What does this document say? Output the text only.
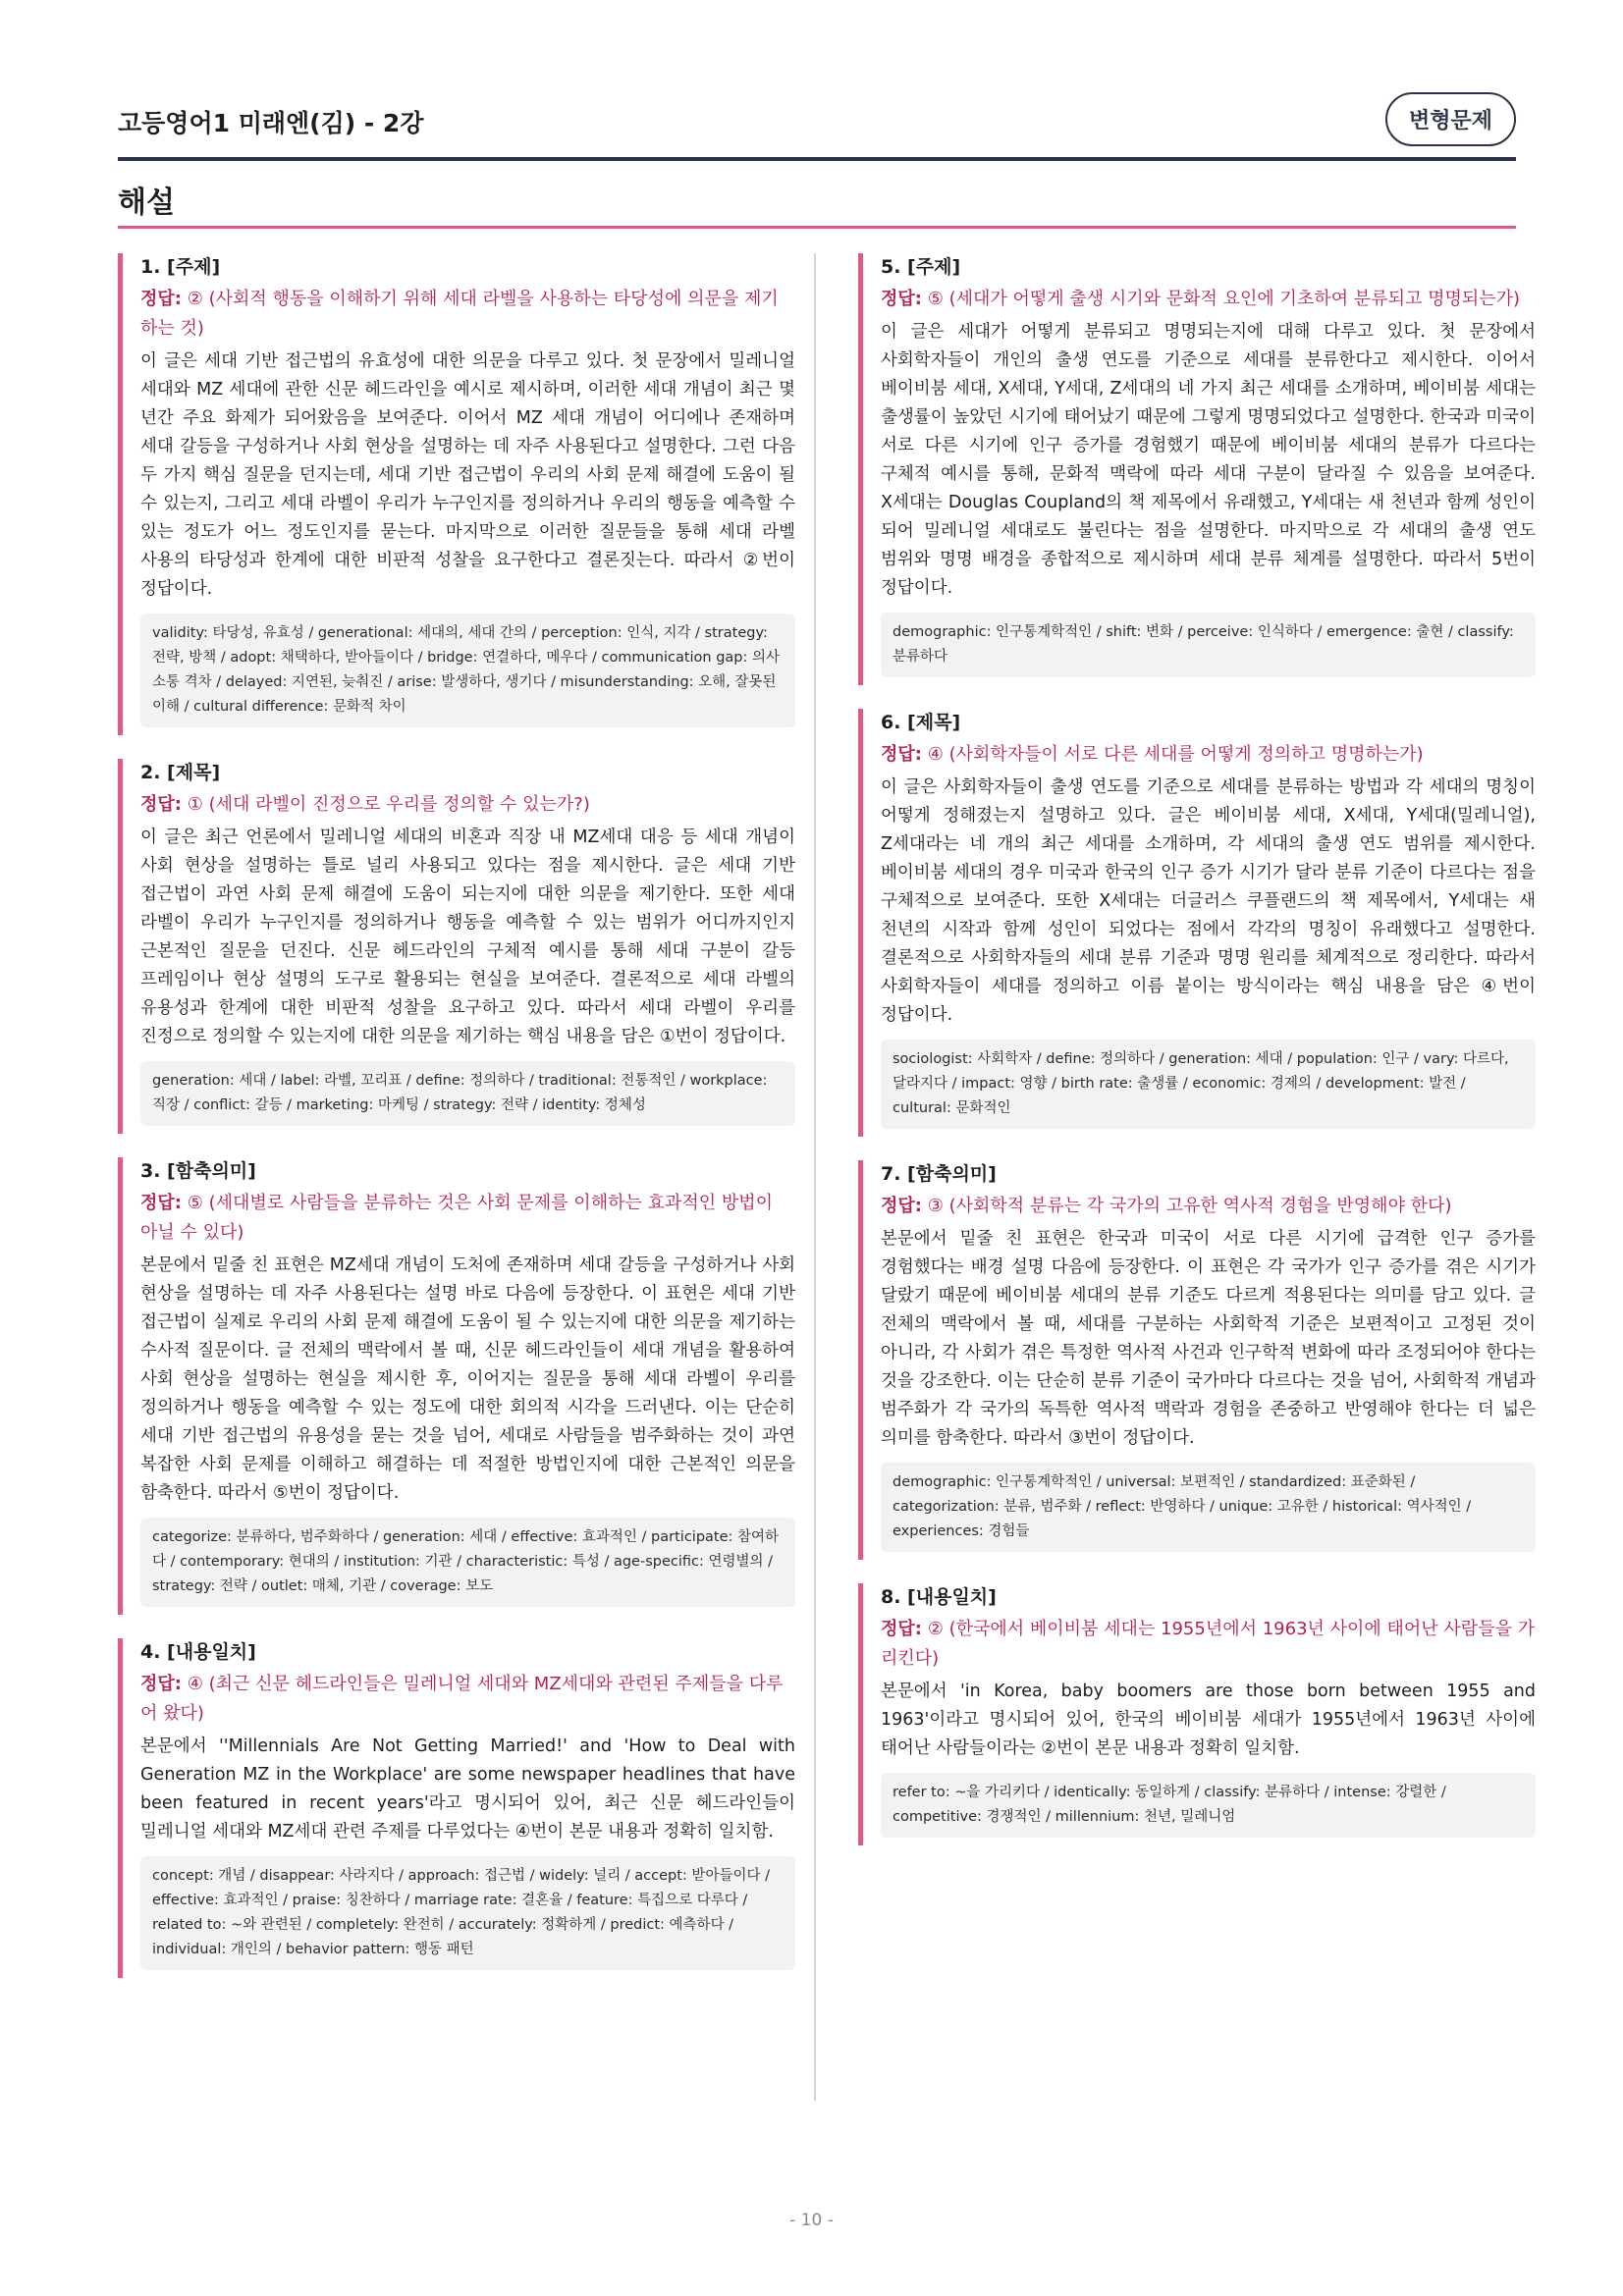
고등영어1 미래엔(김) - 2강	변형문제
해설
1. [주제]
정답: ② (사회적 행동을 이해하기 위해 세대 라벨을 사용하는 타당성에 의문을 제기하는 것)
이 글은 세대 기반 접근법의 유효성에 대한 의문을 다루고 있다. 첫 문장에서 밀레니얼 세대와 MZ 세대에 관한 신문 헤드라인을 예시로 제시하며, 이러한 세대 개념이 최근 몇 년간 주요 화제가 되어왔음을 보여준다. 이어서 MZ 세대 개념이 어디에나 존재하며 세대 갈등을 구성하거나 사회 현상을 설명하는 데 자주 사용된다고 설명한다. 그런 다음 두 가지 핵심 질문을 던지는데, 세대 기반 접근법이 우리의 사회 문제 해결에 도움이 될 수 있는지, 그리고 세대 라벨이 우리가 누구인지를 정의하거나 우리의 행동을 예측할 수 있는 정도가 어느 정도인지를 묻는다. 마지막으로 이러한 질문들을 통해 세대 라벨 사용의 타당성과 한계에 대한 비판적 성찰을 요구한다고 결론짓는다. 따라서 ②번이 정답이다.
validity: 타당성, 유효성 / generational: 세대의, 세대 간의 / perception: 인식, 지각 / strategy: 전략, 방책 / adopt: 채택하다, 받아들이다 / bridge: 연결하다, 메우다 / communication gap: 의사소통 격차 / delayed: 지연된, 늦춰진 / arise: 발생하다, 생기다 / misunderstanding: 오해, 잘못된 이해 / cultural difference: 문화적 차이
2. [제목]
정답: ① (세대 라벨이 진정으로 우리를 정의할 수 있는가?)
이 글은 최근 언론에서 밀레니얼 세대의 비혼과 직장 내 MZ세대 대응 등 세대 개념이 사회 현상을 설명하는 틀로 널리 사용되고 있다는 점을 제시한다. 글은 세대 기반 접근법이 과연 사회 문제 해결에 도움이 되는지에 대한 의문을 제기한다. 또한 세대 라벨이 우리가 누구인지를 정의하거나 행동을 예측할 수 있는 범위가 어디까지인지 근본적인 질문을 던진다. 신문 헤드라인의 구체적 예시를 통해 세대 구분이 갈등 프레임이나 현상 설명의 도구로 활용되는 현실을 보여준다. 결론적으로 세대 라벨의 유용성과 한계에 대한 비판적 성찰을 요구하고 있다. 따라서 세대 라벨이 우리를 진정으로 정의할 수 있는지에 대한 의문을 제기하는 핵심 내용을 담은 ①번이 정답이다.
generation: 세대 / label: 라벨, 꼬리표 / define: 정의하다 / traditional: 전통적인 / workplace: 직장 / conflict: 갈등 / marketing: 마케팅 / strategy: 전략 / identity: 정체성
3. [함축의미]
정답: ⑤ (세대별로 사람들을 분류하는 것은 사회 문제를 이해하는 효과적인 방법이 아닐 수 있다)
본문에서 밑줄 친 표현은 MZ세대 개념이 도처에 존재하며 세대 갈등을 구성하거나 사회 현상을 설명하는 데 자주 사용된다는 설명 바로 다음에 등장한다. 이 표현은 세대 기반 접근법이 실제로 우리의 사회 문제 해결에 도움이 될 수 있는지에 대한 의문을 제기하는 수사적 질문이다. 글 전체의 맥락에서 볼 때, 신문 헤드라인들이 세대 개념을 활용하여 사회 현상을 설명하는 현실을 제시한 후, 이어지는 질문을 통해 세대 라벨이 우리를 정의하거나 행동을 예측할 수 있는 정도에 대한 회의적 시각을 드러낸다. 이는 단순히 세대 기반 접근법의 유용성을 묻는 것을 넘어, 세대로 사람들을 범주화하는 것이 과연 복잡한 사회 문제를 이해하고 해결하는 데 적절한 방법인지에 대한 근본적인 의문을 함축한다. 따라서 ⑤번이 정답이다.
categorize: 분류하다, 범주화하다 / generation: 세대 / effective: 효과적인 / participate: 참여하다 / contemporary: 현대의 / institution: 기관 / characteristic: 특성 / age-specific: 연령별의 / strategy: 전략 / outlet: 매체, 기관 / coverage: 보도
4. [내용일치]
정답: ④ (최근 신문 헤드라인들은 밀레니얼 세대와 MZ세대와 관련된 주제들을 다루어 왔다)
본문에서 ''Millennials Are Not Getting Married!' and 'How to Deal with Generation MZ in the Workplace' are some newspaper headlines that have been featured in recent years'라고 명시되어 있어, 최근 신문 헤드라인들이 밀레니얼 세대와 MZ세대 관련 주제를 다루었다는 ④번이 본문 내용과 정확히 일치함.
concept: 개념 / disappear: 사라지다 / approach: 접근법 / widely: 널리 / accept: 받아들이다 / effective: 효과적인 / praise: 칭찬하다 / marriage rate: 결혼율 / feature: 특집으로 다루다 / related to: ~와 관련된 / completely: 완전히 / accurately: 정확하게 / predict: 예측하다 / individual: 개인의 / behavior pattern: 행동 패턴
5. [주제]
정답: ⑤ (세대가 어떻게 출생 시기와 문화적 요인에 기초하여 분류되고 명명되는가)
이 글은 세대가 어떻게 분류되고 명명되는지에 대해 다루고 있다. 첫 문장에서 사회학자들이 개인의 출생 연도를 기준으로 세대를 분류한다고 제시한다. 이어서 베이비붐 세대, X세대, Y세대, Z세대의 네 가지 최근 세대를 소개하며, 베이비붐 세대는 출생률이 높았던 시기에 태어났기 때문에 그렇게 명명되었다고 설명한다. 한국과 미국이 서로 다른 시기에 인구 증가를 경험했기 때문에 베이비붐 세대의 분류가 다르다는 구체적 예시를 통해, 문화적 맥락에 따라 세대 구분이 달라질 수 있음을 보여준다. X세대는 Douglas Coupland의 책 제목에서 유래했고, Y세대는 새 천년과 함께 성인이 되어 밀레니얼 세대로도 불린다는 점을 설명한다. 마지막으로 각 세대의 출생 연도 범위와 명명 배경을 종합적으로 제시하며 세대 분류 체계를 설명한다. 따라서 5번이 정답이다.
demographic: 인구통계학적인 / shift: 변화 / perceive: 인식하다 / emergence: 출현 / classify: 분류하다
6. [제목]
정답: ④ (사회학자들이 서로 다른 세대를 어떻게 정의하고 명명하는가)
이 글은 사회학자들이 출생 연도를 기준으로 세대를 분류하는 방법과 각 세대의 명칭이 어떻게 정해졌는지 설명하고 있다. 글은 베이비붐 세대, X세대, Y세대(밀레니얼), Z세대라는 네 개의 최근 세대를 소개하며, 각 세대의 출생 연도 범위를 제시한다. 베이비붐 세대의 경우 미국과 한국의 인구 증가 시기가 달라 분류 기준이 다르다는 점을 구체적으로 보여준다. 또한 X세대는 더글러스 쿠플랜드의 책 제목에서, Y세대는 새 천년의 시작과 함께 성인이 되었다는 점에서 각각의 명칭이 유래했다고 설명한다. 결론적으로 사회학자들의 세대 분류 기준과 명명 원리를 체계적으로 정리한다. 따라서 사회학자들이 세대를 정의하고 이름 붙이는 방식이라는 핵심 내용을 담은 ④번이 정답이다.
sociologist: 사회학자 / define: 정의하다 / generation: 세대 / population: 인구 / vary: 다르다, 달라지다 / impact: 영향 / birth rate: 출생률 / economic: 경제의 / development: 발전 / cultural: 문화적인
7. [함축의미]
정답: ③ (사회학적 분류는 각 국가의 고유한 역사적 경험을 반영해야 한다)
본문에서 밑줄 친 표현은 한국과 미국이 서로 다른 시기에 급격한 인구 증가를 경험했다는 배경 설명 다음에 등장한다. 이 표현은 각 국가가 인구 증가를 겪은 시기가 달랐기 때문에 베이비붐 세대의 분류 기준도 다르게 적용된다는 의미를 담고 있다. 글 전체의 맥락에서 볼 때, 세대를 구분하는 사회학적 기준은 보편적이고 고정된 것이 아니라, 각 사회가 겪은 특정한 역사적 사건과 인구학적 변화에 따라 조정되어야 한다는 것을 강조한다. 이는 단순히 분류 기준이 국가마다 다르다는 것을 넘어, 사회학적 개념과 범주화가 각 국가의 독특한 역사적 맥락과 경험을 존중하고 반영해야 한다는 더 넓은 의미를 함축한다. 따라서 ③번이 정답이다.
demographic: 인구통계학적인 / universal: 보편적인 / standardized: 표준화된 / categorization: 분류, 범주화 / reflect: 반영하다 / unique: 고유한 / historical: 역사적인 / experiences: 경험들
8. [내용일치]
정답: ② (한국에서 베이비붐 세대는 1955년에서 1963년 사이에 태어난 사람들을 가리킨다)
본문에서 'in Korea, baby boomers are those born between 1955 and 1963'이라고 명시되어 있어, 한국의 베이비붐 세대가 1955년에서 1963년 사이에 태어난 사람들이라는 ②번이 본문 내용과 정확히 일치함.
refer to: ~을 가리키다 / identically: 동일하게 / classify: 분류하다 / intense: 강렬한 / competitive: 경쟁적인 / millennium: 천년, 밀레니엄
- 10 -
